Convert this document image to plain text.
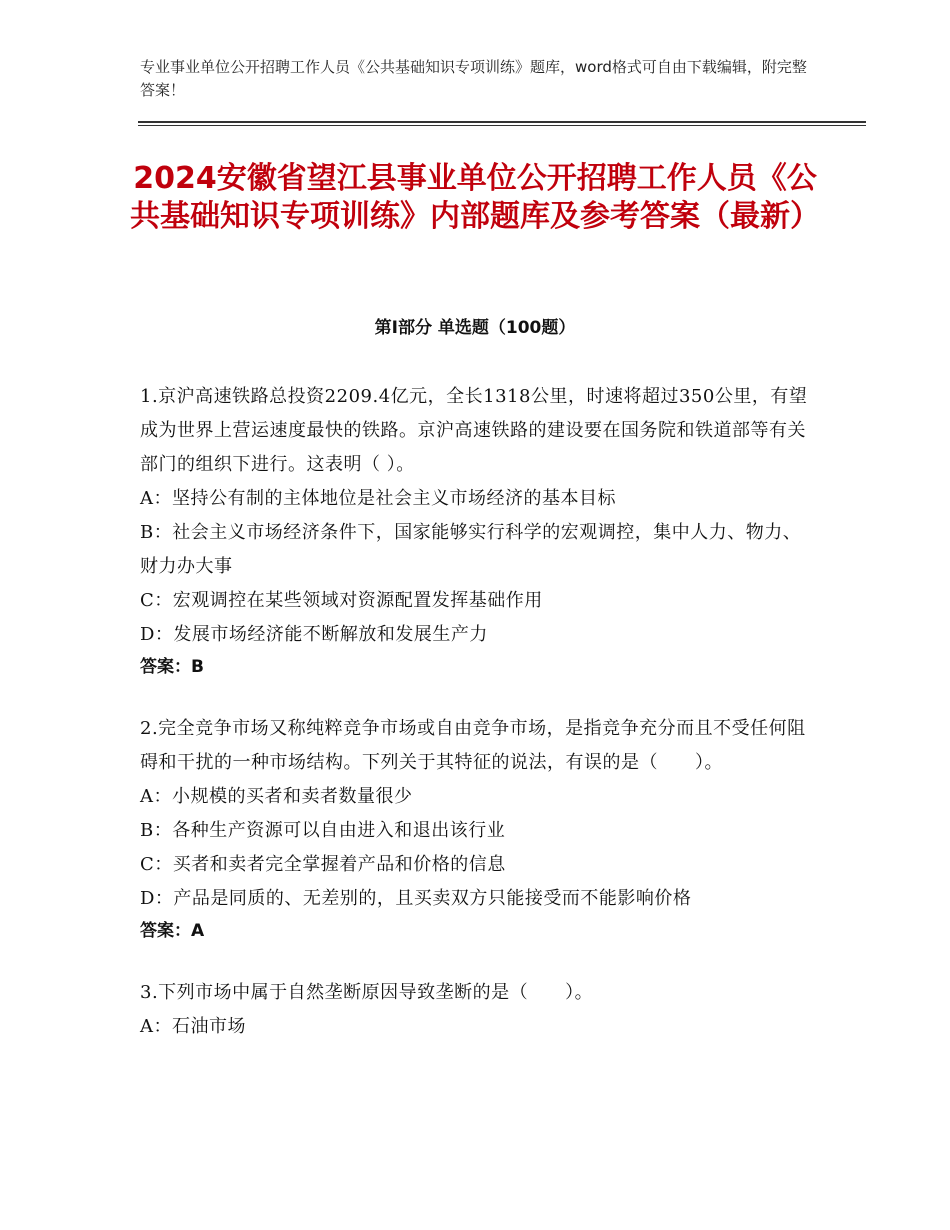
专业事业单位公开招聘工作人员《公共基础知识专项训练》题库，word格式可自由下载编辑，附完整答案！
2024安徽省望江县事业单位公开招聘工作人员《公共基础知识专项训练》内部题库及参考答案（最新）
第Ⅰ部分 单选题（100题）
1.京沪高速铁路总投资2209.4亿元，全长1318公里，时速将超过350公里，有望成为世界上营运速度最快的铁路。京沪高速铁路的建设要在国务院和铁道部等有关部门的组织下进行。这表明（ ）。
A：坚持公有制的主体地位是社会主义市场经济的基本目标
B：社会主义市场经济条件下，国家能够实行科学的宏观调控，集中人力、物力、财力办大事
C：宏观调控在某些领域对资源配置发挥基础作用
D：发展市场经济能不断解放和发展生产力
答案：B
2.完全竞争市场又称纯粹竞争市场或自由竞争市场，是指竞争充分而且不受任何阻碍和干扰的一种市场结构。下列关于其特征的说法，有误的是（　　）。
A：小规模的买者和卖者数量很少
B：各种生产资源可以自由进入和退出该行业
C：买者和卖者完全掌握着产品和价格的信息
D：产品是同质的、无差别的，且买卖双方只能接受而不能影响价格
答案：A
3.下列市场中属于自然垄断原因导致垄断的是（　　）。
A：石油市场
